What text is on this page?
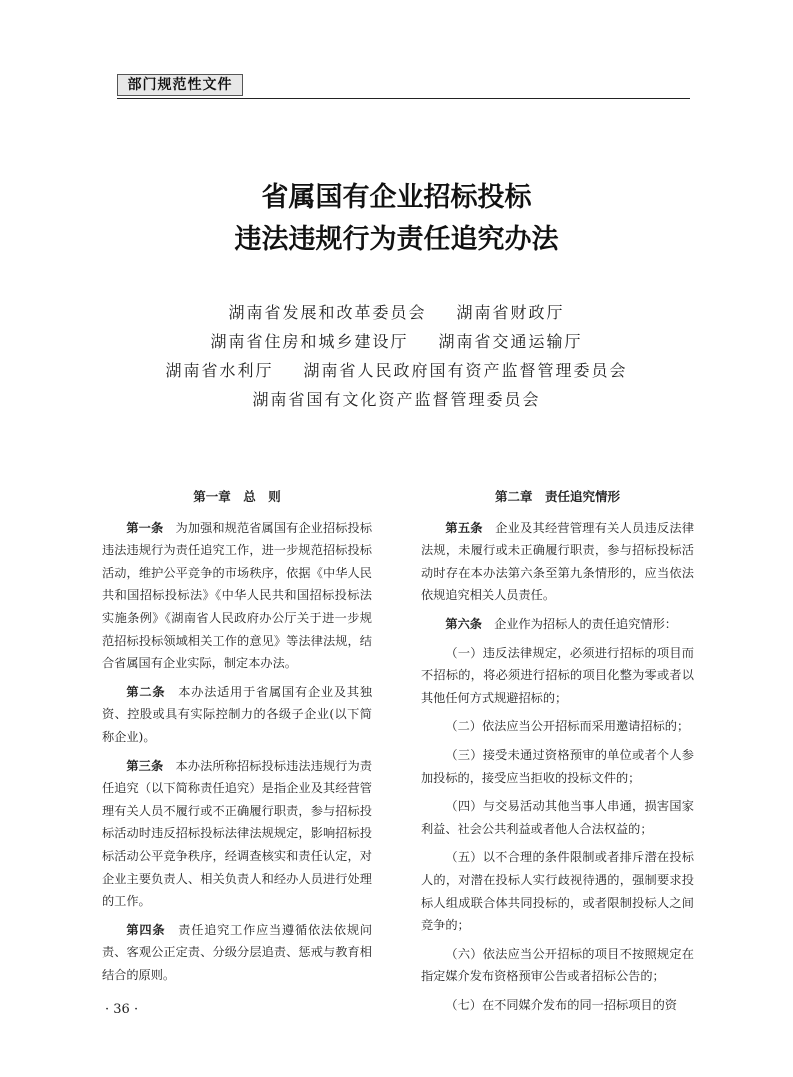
部门规范性文件
省属国有企业招标投标
违法违规行为责任追究办法
湖南省发展和改革委员会 湖南省财政厅
湖南省住房和城乡建设厅 湖南省交通运输厅
湖南省水利厅 湖南省人民政府国有资产监督管理委员会
湖南省国有文化资产监督管理委员会
第一章　总　则
第一条　为加强和规范省属国有企业招标投标违法违规行为责任追究工作，进一步规范招标投标活动，维护公平竞争的市场秩序，依据《中华人民共和国招标投标法》《中华人民共和国招标投标法实施条例》《湖南省人民政府办公厅关于进一步规范招标投标领域相关工作的意见》等法律法规，结合省属国有企业实际，制定本办法。
第二条　本办法适用于省属国有企业及其独资、控股或具有实际控制力的各级子企业(以下简称企业)。
第三条　本办法所称招标投标违法违规行为责任追究（以下简称责任追究）是指企业及其经营管理有关人员不履行或不正确履行职责，参与招标投标活动时违反招标投标法律法规规定，影响招标投标活动公平竞争秩序，经调查核实和责任认定，对企业主要负责人、相关负责人和经办人员进行处理的工作。
第四条　责任追究工作应当遵循依法依规问责、客观公正定责、分级分层追责、惩戒与教育相结合的原则。
第二章　责任追究情形
第五条　企业及其经营管理有关人员违反法律法规，未履行或未正确履行职责，参与招标投标活动时存在本办法第六条至第九条情形的，应当依法依规追究相关人员责任。
第六条　企业作为招标人的责任追究情形：
（一）违反法律规定，必须进行招标的项目而不招标的，将必须进行招标的项目化整为零或者以其他任何方式规避招标的；
（二）依法应当公开招标而采用邀请招标的；
（三）接受未通过资格预审的单位或者个人参加投标的，接受应当拒收的投标文件的；
（四）与交易活动其他当事人串通，损害国家利益、社会公共利益或者他人合法权益的；
（五）以不合理的条件限制或者排斥潜在投标人的，对潜在投标人实行歧视待遇的，强制要求投标人组成联合体共同投标的，或者限制投标人之间竞争的；
（六）依法应当公开招标的项目不按照规定在指定媒介发布资格预审公告或者招标公告的；
（七）在不同媒介发布的同一招标项目的资
· 36 ·
